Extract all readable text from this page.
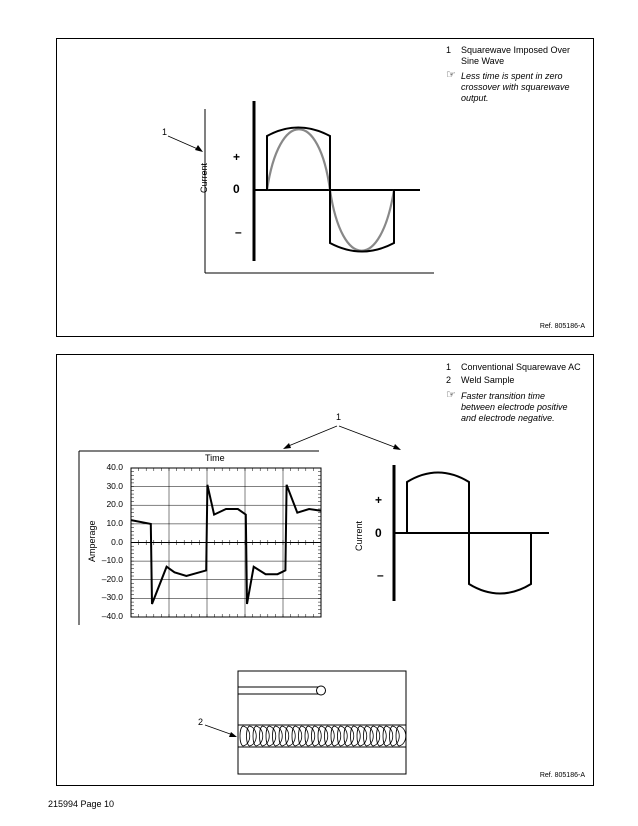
1	Squarewave Imposed Over Sine Wave
☞ Less time is spent in zero crossover with squarewave output.
1
Current
+
0
–
Ref. 805186-A
1	Conventional Squarewave AC
2	Weld Sample
☞ Faster transition time between electrode positive and electrode negative.
1
Time
Amperage
40.0
30.0
20.0
10.0
0.0
–10.0
–20.0
–30.0
–40.0
Current
+
0
–
2
Ref. 805186-A
215994 Page 10
